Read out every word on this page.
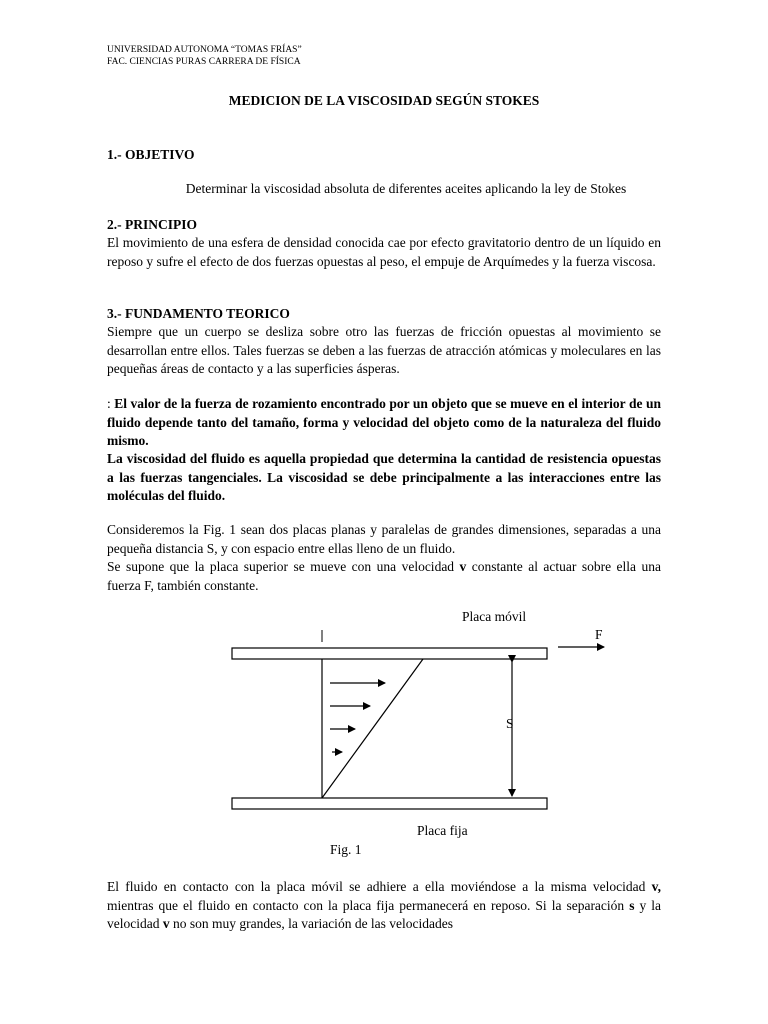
UNIVERSIDAD AUTONOMA “TOMAS FRÍAS”
FAC. CIENCIAS PURAS CARRERA DE FÍSICA
MEDICION DE LA VISCOSIDAD SEGÚN STOKES
1.- OBJETIVO
Determinar la viscosidad absoluta de diferentes aceites aplicando la ley de Stokes
2.- PRINCIPIO
El movimiento de una esfera de densidad conocida cae por efecto gravitatorio dentro de un líquido en reposo y sufre el efecto de dos fuerzas opuestas al peso, el empuje de Arquímedes y la fuerza viscosa.
3.- FUNDAMENTO TEORICO
Siempre que un cuerpo se desliza sobre otro las fuerzas de fricción opuestas al movimiento se desarrollan entre ellos. Tales fuerzas se deben a las fuerzas de atracción atómicas y moleculares en las pequeñas áreas de contacto y a las superficies ásperas.
: El valor de la fuerza de rozamiento encontrado por un objeto que se mueve en el interior de un fluido depende tanto del tamaño, forma y velocidad del objeto como de la naturaleza del fluido mismo.
La viscosidad del fluido es aquella propiedad que determina la cantidad de resistencia opuestas a las fuerzas tangenciales. La viscosidad se debe principalmente a las interacciones entre las moléculas del fluido.
Consideremos la Fig. 1 sean dos placas planas y paralelas de grandes dimensiones, separadas a una pequeña distancia S, y con espacio entre ellas lleno de un fluido.
Se supone que la placa superior se mueve con una velocidad v constante al actuar sobre ella una fuerza F, también constante.
Placa móvil
F
S
Placa fija
Fig. 1
El fluido en contacto con la placa móvil se adhiere a ella moviéndose a la misma velocidad v, mientras que el fluido en contacto con la placa fija permanecerá en reposo. Si la separación s y la velocidad v no son muy grandes, la variación de las velocidades
